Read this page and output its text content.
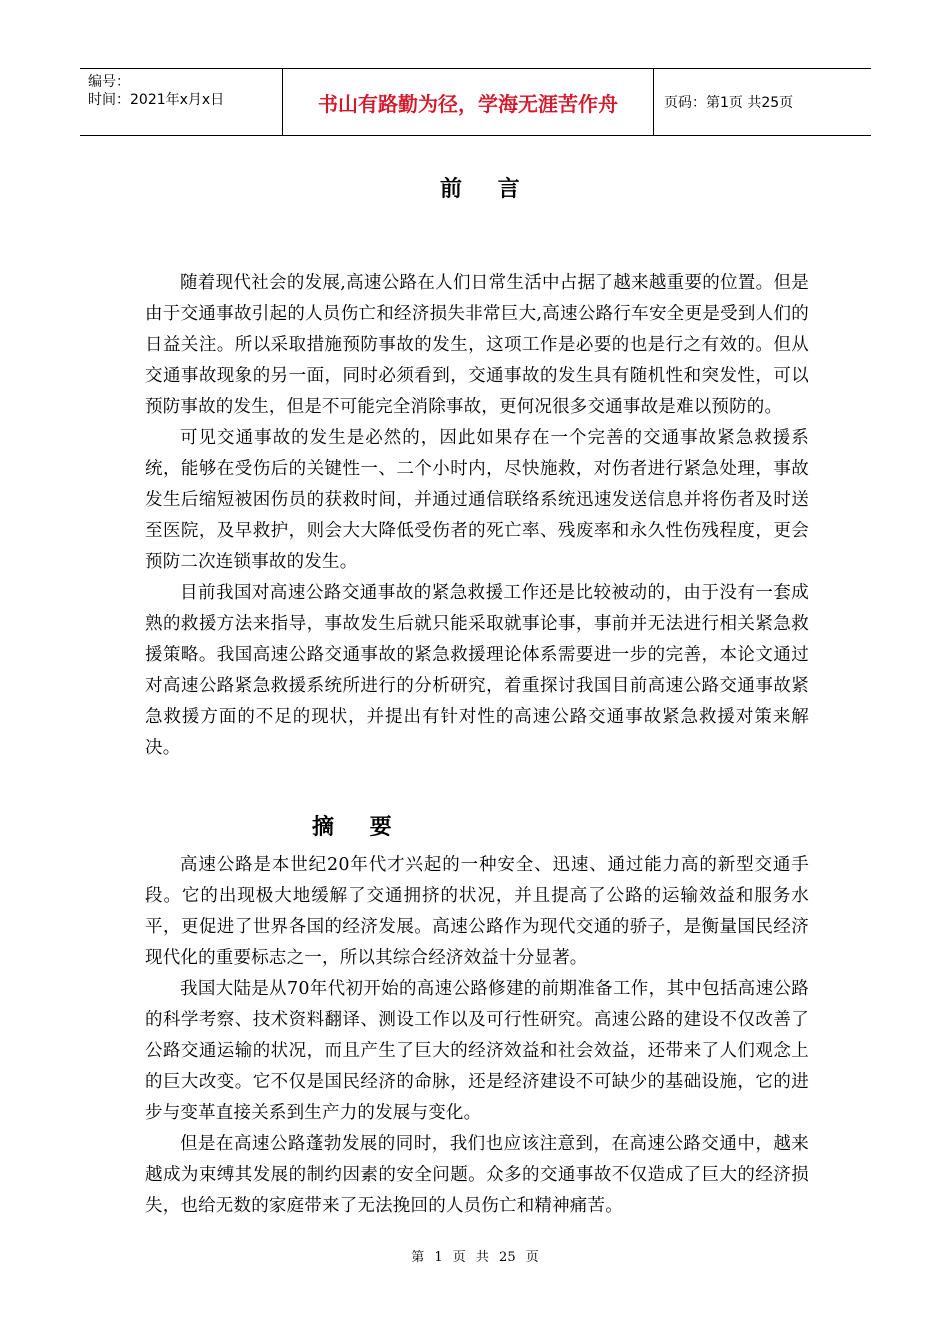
编号：
时间：2021年x月x日	书山有路勤为径，学海无涯苦作舟	页码：第1页 共25页
前 言

随着现代社会的发展,高速公路在人们日常生活中占据了越来越重要的位置。但是由于交通事故引起的人员伤亡和经济损失非常巨大,高速公路行车安全更是受到人们的日益关注。所以采取措施预防事故的发生，这项工作是必要的也是行之有效的。但从交通事故现象的另一面，同时必须看到，交通事故的发生具有随机性和突发性，可以预防事故的发生，但是不可能完全消除事故，更何况很多交通事故是难以预防的。

可见交通事故的发生是必然的，因此如果存在一个完善的交通事故紧急救援系统，能够在受伤后的关键性一、二个小时内，尽快施救，对伤者进行紧急处理，事故发生后缩短被困伤员的获救时间，并通过通信联络系统迅速发送信息并将伤者及时送至医院，及早救护，则会大大降低受伤者的死亡率、残废率和永久性伤残程度，更会预防二次连锁事故的发生。

目前我国对高速公路交通事故的紧急救援工作还是比较被动的，由于没有一套成熟的救援方法来指导，事故发生后就只能采取就事论事，事前并无法进行相关紧急救援策略。我国高速公路交通事故的紧急救援理论体系需要进一步的完善，本论文通过对高速公路紧急救援系统所进行的分析研究，着重探讨我国目前高速公路交通事故紧急救援方面的不足的现状，并提出有针对性的高速公路交通事故紧急救援对策来解决。

摘 要

高速公路是本世纪20年代才兴起的一种安全、迅速、通过能力高的新型交通手段。它的出现极大地缓解了交通拥挤的状况，并且提高了公路的运输效益和服务水平，更促进了世界各国的经济发展。高速公路作为现代交通的骄子，是衡量国民经济现代化的重要标志之一，所以其综合经济效益十分显著。

我国大陆是从70年代初开始的高速公路修建的前期准备工作，其中包括高速公路的科学考察、技术资料翻译、测设工作以及可行性研究。高速公路的建设不仅改善了公路交通运输的状况，而且产生了巨大的经济效益和社会效益，还带来了人们观念上的巨大改变。它不仅是国民经济的命脉，还是经济建设不可缺少的基础设施，它的进步与变革直接关系到生产力的发展与变化。

但是在高速公路蓬勃发展的同时，我们也应该注意到，在高速公路交通中，越来越成为束缚其发展的制约因素的安全问题。众多的交通事故不仅造成了巨大的经济损失，也给无数的家庭带来了无法挽回的人员伤亡和精神痛苦。

第 1 页 共 25 页
